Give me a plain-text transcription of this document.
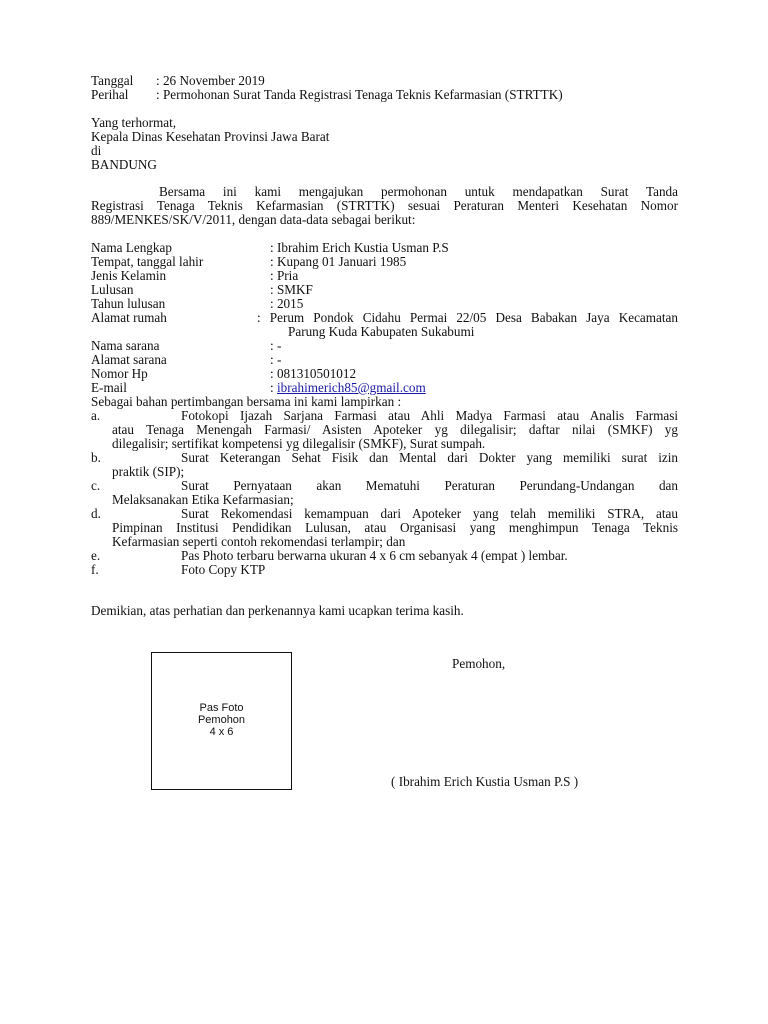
Tanggal : 26 November 2019
Perihal : Permohonan Surat Tanda Registrasi Tenaga Teknis Kefarmasian (STRTTK)
Yang terhormat,
Kepala Dinas Kesehatan Provinsi Jawa Barat
di
BANDUNG
Bersama ini kami mengajukan permohonan untuk mendapatkan Surat Tanda
Registrasi Tenaga Teknis Kefarmasian (STRTTK) sesuai Peraturan Menteri Kesehatan Nomor
889/MENKES/SK/V/2011, dengan data-data sebagai berikut:
Nama Lengkap	: Ibrahim Erich Kustia Usman P.S
Tempat, tanggal lahir	: Kupang 01 Januari 1985
Jenis Kelamin	: Pria
Lulusan	: SMKF
Tahun lulusan	: 2015
Alamat rumah	: Perum Pondok Cidahu Permai 22/05 Desa Babakan Jaya Kecamatan
Parung Kuda Kabupaten Sukabumi
Nama sarana	: -
Alamat sarana	: -
Nomor Hp	: 081310501012
E-mail	: ibrahimerich85@gmail.com
Sebagai bahan pertimbangan bersama ini kami lampirkan :
a.	Fotokopi Ijazah Sarjana Farmasi atau Ahli Madya Farmasi atau Analis Farmasi
atau Tenaga Menengah Farmasi/ Asisten Apoteker yg dilegalisir; daftar nilai (SMKF) yg
dilegalisir; sertifikat kompetensi yg dilegalisir (SMKF), Surat sumpah.
b.	Surat Keterangan Sehat Fisik dan Mental dari Dokter yang memiliki surat izin
praktik (SIP);
c.	Surat Pernyataan akan Mematuhi Peraturan Perundang-Undangan dan
Melaksanakan Etika Kefarmasian;
d.	Surat Rekomendasi kemampuan dari Apoteker yang telah memiliki STRA, atau
Pimpinan Institusi Pendidikan Lulusan, atau Organisasi yang menghimpun Tenaga Teknis
Kefarmasian seperti contoh rekomendasi terlampir; dan
e.	Pas Photo terbaru berwarna ukuran 4 x 6 cm sebanyak 4 (empat ) lembar.
f.	Foto Copy KTP
Demikian, atas perhatian dan perkenannya kami ucapkan terima kasih.
Pas Foto
Pemohon
4 x 6
Pemohon,
( Ibrahim Erich Kustia Usman P.S )
